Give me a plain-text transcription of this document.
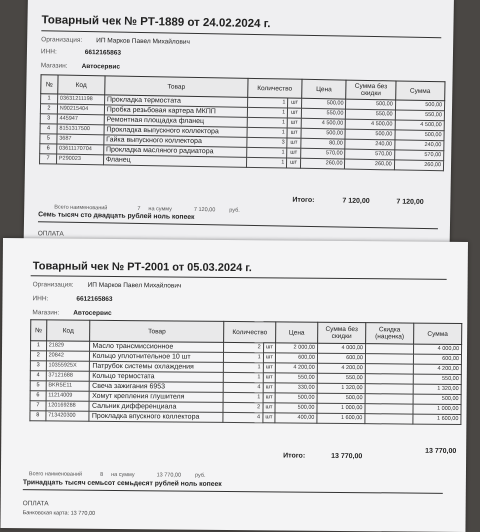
Товарный чек № РТ-1889 от 24.02.2024 г.
Организация: ИП Марков Павел Михайлович
ИНН:	6612165863
Магазин: Автосервис
№	Код	Товар	Количество		Цена	Сумма без скидки	Сумма
1	03631211198	Прокладка термостата	1	шт	500,00	500,00	500,00
2	N90215404	Пробка резьбовая картера МКПП	1	шт	550,00	550,00	550,00
3	445947	Ремонтная площадка фланец	1	шт	4 500,00	4 500,00	4 500,00
4	8151317500	Прокладка выпускного коллектора	1	шт	500,00	500,00	500,00
5	3687	Гайка выпускного коллектора	3	шт	80,00	240,00	240,00
6	03611170704	Прокладка масляного радиатора	1	шт	570,00	570,00	570,00
7	P290023	Фланец	1	шт	260,00	260,00	260,00
Итого:	7 120,00	7 120,00
Всего наименований	7 на сумму	7 120,00	руб.
Семь тысяч сто двадцать рублей ноль копеек
ОПЛАТА
Товарный чек № РТ-2001 от 05.03.2024 г.
Организация: ИП Марков Павел Михайлович
ИНН:	6612165863
Магазин: Автосервис
№	Код	Товар	Количество		Цена	Сумма без скидки	Скидка (наценка)	Сумма
1	21829	Масло трансмиссионное	2	шт	2 000,00	4 000,00		4 000,00
2	20842	Кольцо уплотнительное 10 шт	1	шт	600,00	600,00		600,00
3	10355925X	Патрубок системы охлаждения	1	шт	4 200,00	4 200,00		4 200,00
4	37121688	Кольцо термостата	1	шт	550,00	550,00		550,00
5	BKR5E11	Свеча зажигания 6953	4	шт	330,00	1 320,00		1 320,00
6	11214009	Хомут крепления глушителя	1	шт	500,00	500,00		500,00
7	120169288	Сальник дифференциала	2	шт	500,00	1 000,00		1 000,00
8	713420300	Прокладка впускного коллектора	4	шт	400,00	1 600,00		1 600,00
Итого:	13 770,00
13 770,00
Всего наименований	8 на сумму	13 770,00	руб.
Тринадцать тысяч семьсот семьдесят рублей ноль копеек
ОПЛАТА
Банковская карта: 13 770,00
